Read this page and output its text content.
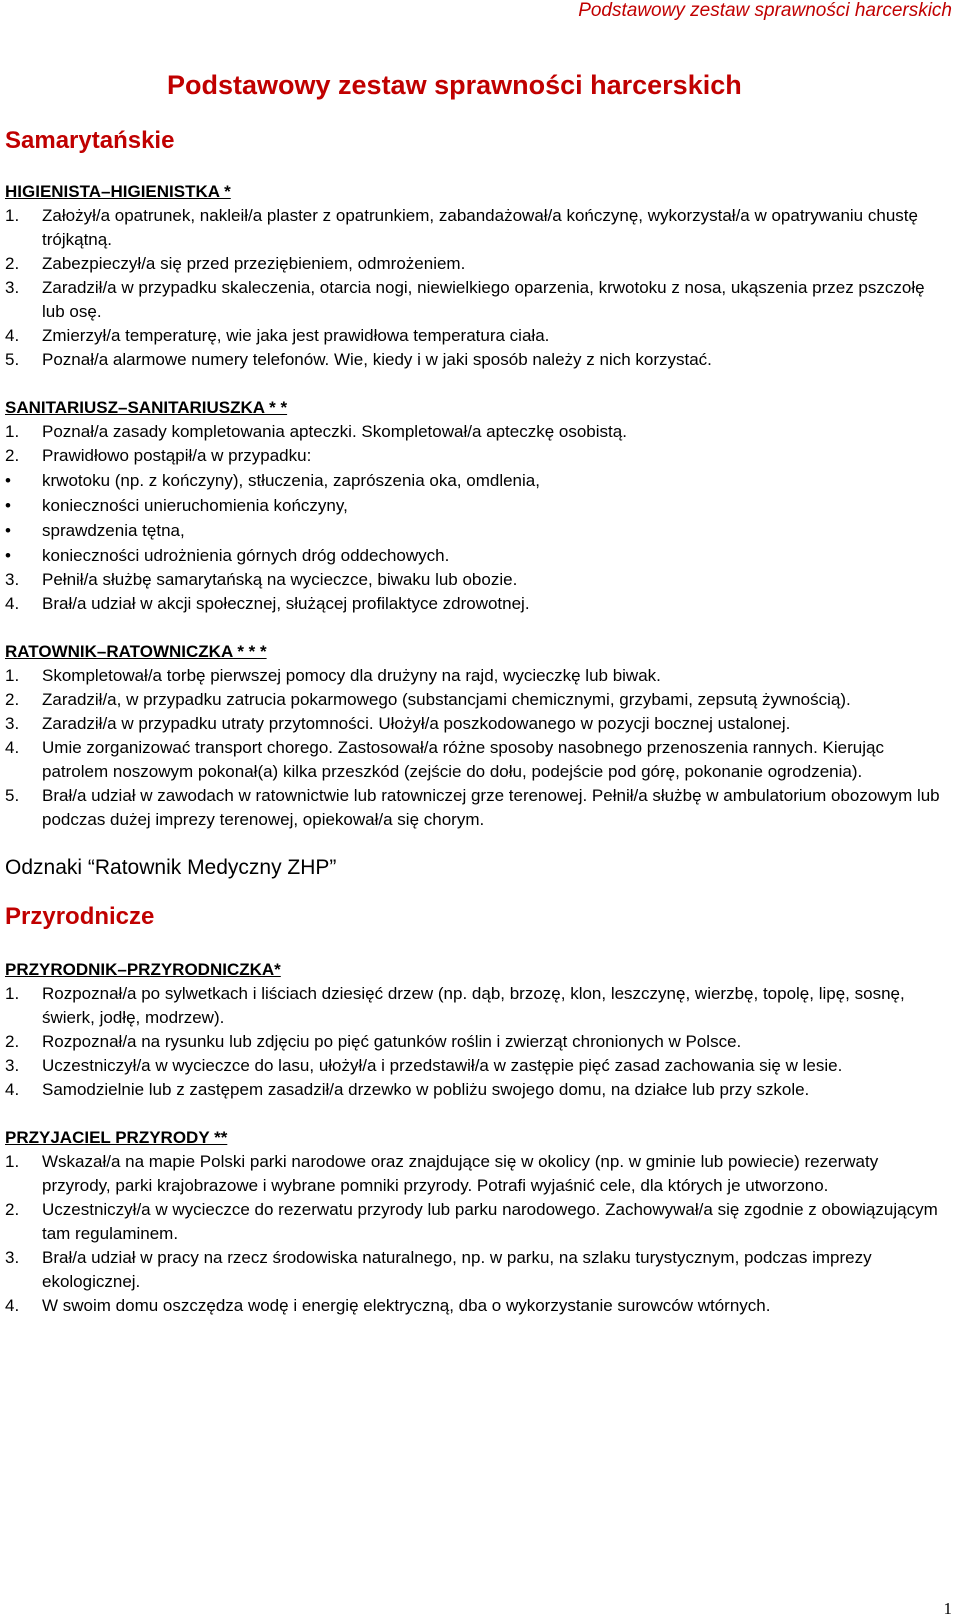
Podstawowy zestaw sprawności harcerskich
Podstawowy zestaw sprawności harcerskich
Samarytańskie
HIGIENISTA–HIGIENISTKA *
1. Założył/a opatrunek, nakleił/a plaster z opatrunkiem, zabandażował/a kończynę, wykorzystał/a w opatrywaniu chustę trójkątną.
2. Zabezpieczył/a się przed przeziębieniem, odmrożeniem.
3. Zaradził/a w przypadku skaleczenia, otarcia nogi, niewielkiego oparzenia, krwotoku z nosa, ukąszenia przez pszczołę lub osę.
4. Zmierzył/a temperaturę, wie jaka jest prawidłowa temperatura ciała.
5. Poznał/a alarmowe numery telefonów. Wie, kiedy i w jaki sposób należy z nich korzystać.
SANITARIUSZ–SANITARIUSZKA * *
1. Poznał/a zasady kompletowania apteczki. Skompletował/a apteczkę osobistą.
2. Prawidłowo postąpił/a w przypadku:
• krwotoku (np. z kończyny), stłuczenia, zaprószenia oka, omdlenia,
• konieczności unieruchomienia kończyny,
• sprawdzenia tętna,
• konieczności udrożnienia górnych dróg oddechowych.
3. Pełnił/a służbę samarytańską na wycieczce, biwaku lub obozie.
4. Brał/a udział w akcji społecznej, służącej profilaktyce zdrowotnej.
RATOWNIK–RATOWNICZKA * * *
1. Skompletował/a torbę pierwszej pomocy dla drużyny na rajd, wycieczkę lub biwak.
2. Zaradził/a, w przypadku zatrucia pokarmowego (substancjami chemicznymi, grzybami, zepsutą żywnością).
3. Zaradził/a w przypadku utraty przytomności. Ułożył/a poszkodowanego w pozycji bocznej ustalonej.
4. Umie zorganizować transport chorego. Zastosował/a różne sposoby nasobnego przenoszenia rannych. Kierując patrolem noszowym pokonał(a) kilka przeszkód (zejście do dołu, podejście pod górę, pokonanie ogrodzenia).
5. Brał/a udział w zawodach w ratownictwie lub ratowniczej grze terenowej. Pełnił/a służbę w ambulatorium obozowym lub podczas dużej imprezy terenowej, opiekował/a się chorym.

Odznaki “Ratownik Medyczny ZHP”

Przyrodnicze
PRZYRODNIK–PRZYRODNICZKA*
1. Rozpoznał/a po sylwetkach i liściach dziesięć drzew (np. dąb, brzozę, klon, leszczynę, wierzbę, topolę, lipę, sosnę, świerk, jodłę, modrzew).
2. Rozpoznał/a na rysunku lub zdjęciu po pięć gatunków roślin i zwierząt chronionych w Polsce.
3. Uczestniczył/a w wycieczce do lasu, ułożył/a i przedstawił/a w zastępie pięć zasad zachowania się w lesie.
4. Samodzielnie lub z zastępem zasadził/a drzewko w pobliżu swojego domu, na działce lub przy szkole.
PRZYJACIEL PRZYRODY **
1. Wskazał/a na mapie Polski parki narodowe oraz znajdujące się w okolicy (np. w gminie lub powiecie) rezerwaty przyrody, parki krajobrazowe i wybrane pomniki przyrody. Potrafi wyjaśnić cele, dla których je utworzono.
2. Uczestniczył/a w wycieczce do rezerwatu przyrody lub parku narodowego. Zachowywał/a się zgodnie z obowiązującym tam regulaminem.
3. Brał/a udział w pracy na rzecz środowiska naturalnego, np. w parku, na szlaku turystycznym, podczas imprezy ekologicznej.
4. W swoim domu oszczędza wodę i energię elektryczną, dba o wykorzystanie surowców wtórnych.
1
